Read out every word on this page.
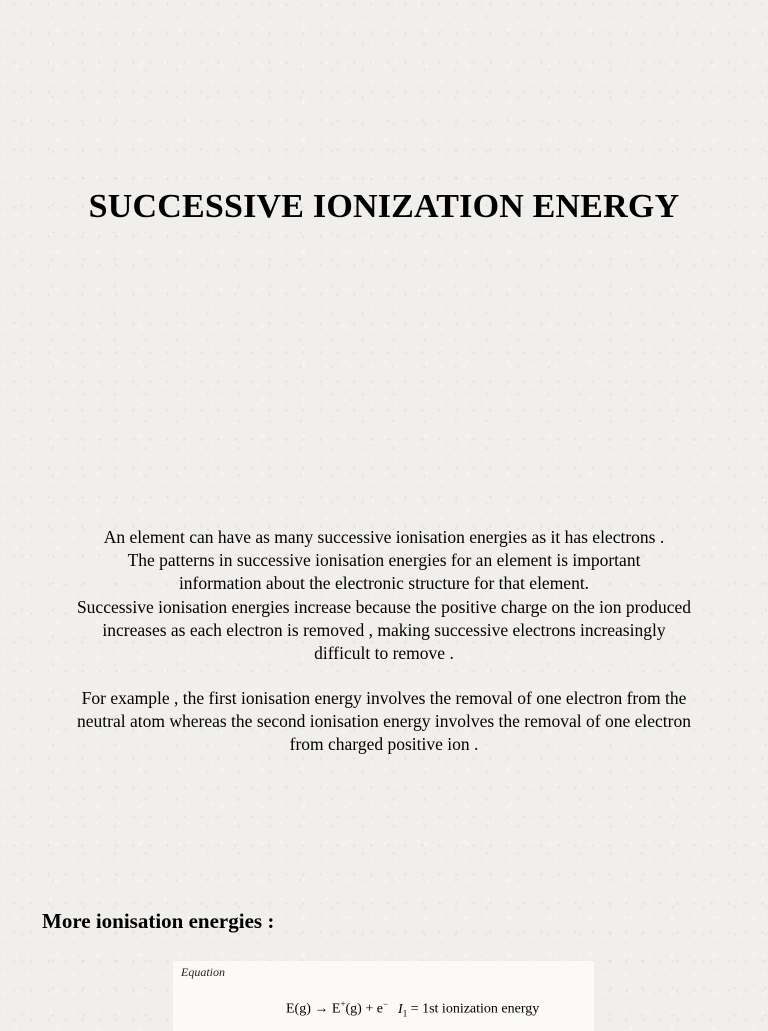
SUCCESSIVE IONIZATION ENERGY
An element can have as many successive ionisation energies as it has electrons .
The patterns in successive ionisation energies for an element is important
information about the electronic structure for that element.
Successive ionisation energies increase because the positive charge on the ion produced
increases as each electron is removed , making successive electrons increasingly
difficult to remove .
For example , the first ionisation energy involves the removal of one electron from the
neutral atom whereas the second ionisation energy involves the removal of one electron
from charged positive ion .
More ionisation energies :
Equation
E(g) → E+(g) + e− $I_1 = 1st$ ionization energy
